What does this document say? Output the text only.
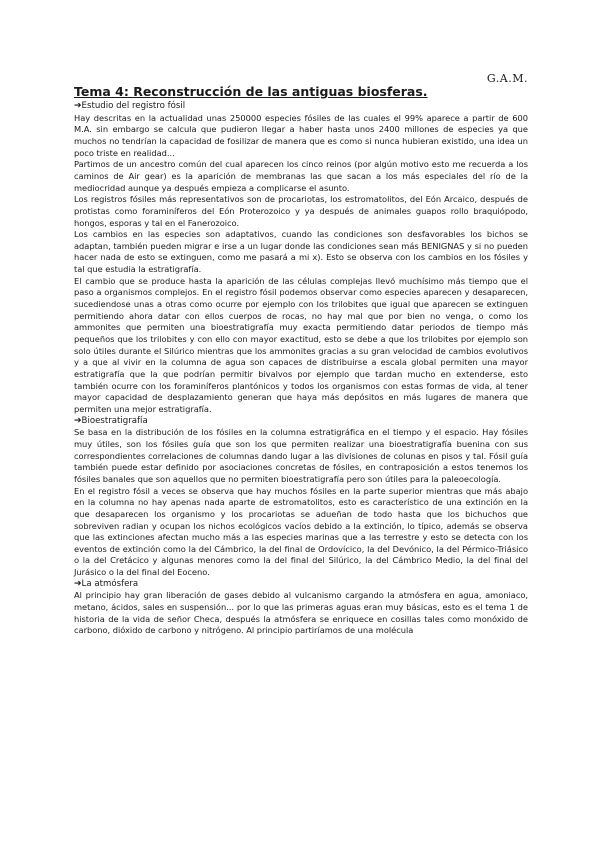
G.A.M.
Tema 4: Reconstrucción de las antiguas biosferas.
➔Estudio del registro fósil

Hay descritas en la actualidad unas 250000 especies fósiles de las cuales el 99% aparece a partir de 600 M.A. sin embargo se calcula que pudieron llegar a haber hasta unos 2400 millones de especies ya que muchos no tendrían la capacidad de fosilizar de manera que es como si nunca hubieran existido, una idea un poco triste en realidad...

Partimos de un ancestro común del cual aparecen los cinco reinos (por algún motivo esto me recuerda a los caminos de Air gear) es la aparición de membranas las que sacan a los más especiales del río de la mediocridad aunque ya después empieza a complicarse el asunto.

Los registros fósiles más representativos son de procariotas, los estromatolitos, del Eón Arcaico, después de protistas como foraminíferos del Eón Proterozoico y ya después de animales guapos rollo braquiópodo, hongos, esporas y tal en el Fanerozoico.

Los cambios en las especies son adaptativos, cuando las condiciones son desfavorables los bichos se adaptan, también pueden migrar e irse a un lugar donde las condiciones sean más BENIGNAS y si no pueden hacer nada de esto se extinguen, como me pasará a mi x). Esto se observa con los cambios en los fósiles y tal que estudia la estratigrafía.

El cambio que se produce hasta la aparición de las células complejas llevó muchísimo más tiempo que el paso a organismos complejos. En el registro fósil podemos observar como especies aparecen y desaparecen, sucediendose unas a otras como ocurre por ejemplo con los trilobites que igual que aparecen se extinguen permitiendo ahora datar con ellos cuerpos de rocas, no hay mal que por bien no venga, o como los ammonites que permiten una bioestratigrafía muy exacta permitiendo datar periodos de tiempo más pequeños que los trilobites y con ello con mayor exactitud, esto se debe a que los trilobites por ejemplo son solo útiles durante el Silúrico mientras que los ammonites gracias a su gran velocidad de cambios evolutivos y a que al vivir en la columna de agua son capaces de distribuirse a escala global permiten una mayor estratigrafía que la que podrían permitir bivalvos por ejemplo que tardan mucho en extenderse, esto también ocurre con los foraminíferos plantónicos y todos los organismos con estas formas de vida, al tener mayor capacidad de desplazamiento generan que haya más depósitos en más lugares de manera que permiten una mejor estratigrafía.

➔Bioestratigrafía

Se basa en la distribución de los fósiles en la columna estratigráfica en el tiempo y el espacio. Hay fósiles muy útiles, son los fósiles guía que son los que permiten realizar una bioestratigrafía buenina con sus correspondientes correlaciones de columnas dando lugar a las divisiones de colunas en pisos y tal. Fósil guía también puede estar definido por asociaciones concretas de fósiles, en contraposición a estos tenemos los fósiles banales que son aquellos que no permiten bioestratigrafía pero son útiles para la paleoecología.

En el registro fósil a veces se observa que hay muchos fósiles en la parte superior mientras que más abajo en la columna no hay apenas nada aparte de estromatolitos, esto es característico de una extinción en la que desaparecen los organismo y los procariotas se adueñan de todo hasta que los bichuchos que sobreviven radian y ocupan los nichos ecológicos vacíos debido a la extinción, lo típico, además se observa que las extinciones afectan mucho más a las especies marinas que a las terrestre y esto se detecta con los eventos de extinción como la del Cámbrico, la del final de Ordovícico, la del Devónico, la del Pérmico-Triásico o la del Cretácico y algunas menores como la del final del Silúrico, la del Cámbrico Medio, la del final del Jurásico o la del final del Eoceno.

➔La atmósfera

Al principio hay gran liberación de gases debido al vulcanismo cargando la atmósfera en agua, amoniaco, metano, ácidos, sales en suspensión... por lo que las primeras aguas eran muy básicas, esto es el tema 1 de historia de la vida de señor Checa, después la atmósfera se enriquece en cosillas tales como monóxido de carbono, dióxido de carbono y nitrógeno. Al principio partiríamos de una molécula
